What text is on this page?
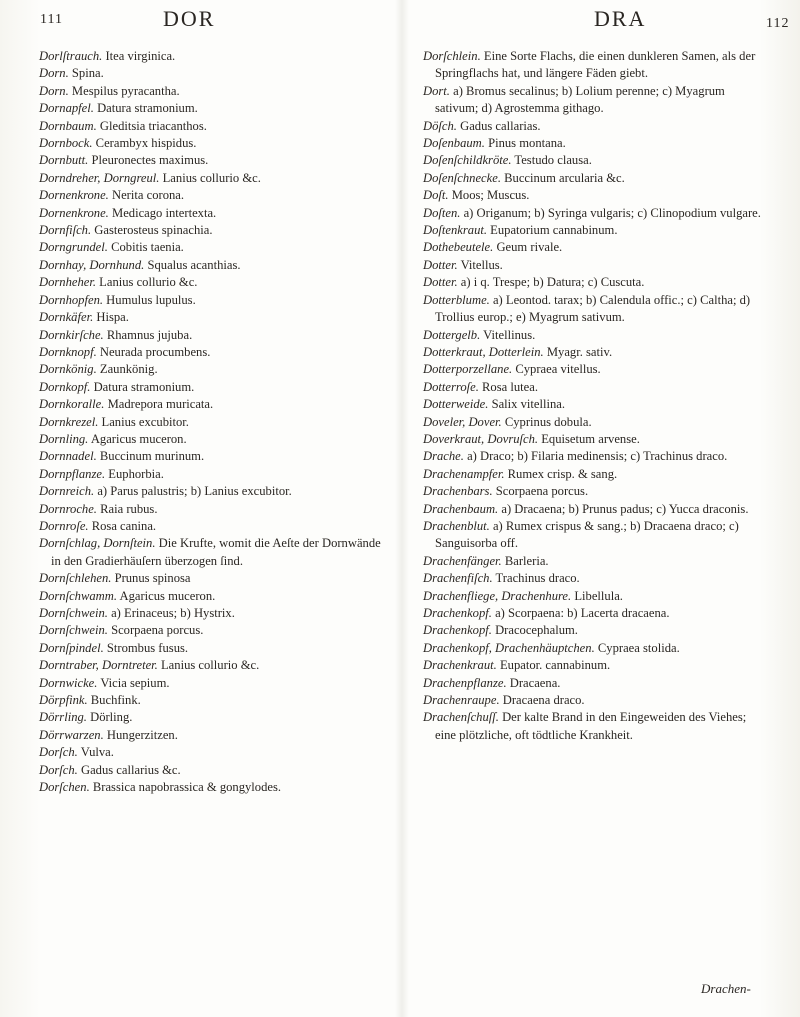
111	DOR	DRA	112

Dorlſtrauch. Itea virginica.

Dorn. Spina.

Dorn. Mespilus pyracantha.

Dornapfel. Datura stramonium.

Dornbaum. Gleditsia triacanthos.

Dornbock. Cerambyx hispidus.

Dornbutt. Pleuronectes maximus.

Dorndreher, Dorngreul. Lanius collurio &c.

Dornenkrone. Nerita corona.

Dornenkrone. Medicago intertexta.

Dornfiſch. Gasterosteus spinachia.

Dorngrundel. Cobitis taenia.

Dornhay, Dornhund. Squalus acanthias.

Dornheher. Lanius collurio &c.

Dornhopfen. Humulus lupulus.

Dornkäfer. Hispa.

Dornkirſche. Rhamnus jujuba.

Dornknopf. Neurada procumbens.

Dornkönig. Zaunkönig.

Dornkopf. Datura stramonium.

Dornkoralle. Madrepora muricata.

Dornkrezel. Lanius excubitor.

Dornling. Agaricus muceron.

Dornnadel. Buccinum murinum.

Dornpflanze. Euphorbia.

Dornreich. a) Parus palustris; b) Lanius excubitor.

Dornroche. Raia rubus.

Dornroſe. Rosa canina.

Dornſchlag, Dornſtein. Die Krufte, womit die Aeſte der Dornwände in den Gradierhäuſern überzogen ſind.

Dornſchlehen. Prunus spinosa

Dornſchwamm. Agaricus muceron.

Dornſchwein. a) Erinaceus; b) Hystrix.

Dornſchwein. Scorpaena porcus.

Dornſpindel. Strombus fusus.

Dorntraber, Dorntreter. Lanius collurio &c.

Dornwicke. Vicia sepium.

Dörpfink. Buchfink.

Dörrling. Dörling.

Dörrwarzen. Hungerzitzen.

Dorſch. Vulva.

Dorſch. Gadus callarius &c.

Dorſchen. Brassica napobrassica & gongylodes.

Dorſchlein. Eine Sorte Flachs, die einen dunkleren Samen, als der Springflachs hat, und längere Fäden giebt.

Dort. a) Bromus secalinus; b) Lolium perenne; c) Myagrum sativum; d) Agrostemma githago.

Döſch. Gadus callarias.

Doſenbaum. Pinus montana.

Doſenſchildkröte. Testudo clausa.

Doſenſchnecke. Buccinum arcularia &c.

Doſt. Moos; Muscus.

Doſten. a) Origanum; b) Syringa vulgaris; c) Clinopodium vulgare.

Doſtenkraut. Eupatorium cannabinum.

Dothebeutele. Geum rivale.

Dotter. Vitellus.

Dotter. a) i q. Trespe; b) Datura; c) Cuscuta.

Dotterblume. a) Leontod. tarax; b) Calendula offic.; c) Caltha; d) Trollius europ.; e) Myagrum sativum.

Dottergelb. Vitellinus.

Dotterkraut, Dotterlein. Myagr. sativ.

Dotterporzellane. Cypraea vitellus.

Dotterroſe. Rosa lutea.

Dotterweide. Salix vitellina.

Doveler, Dover. Cyprinus dobula.

Doverkraut, Dovruſch. Equisetum arvense.

Drache. a) Draco; b) Filaria medinensis; c) Trachinus draco.

Drachenampfer. Rumex crisp. & sang.

Drachenbars. Scorpaena porcus.

Drachenbaum. a) Dracaena; b) Prunus padus; c) Yucca draconis.

Drachenblut. a) Rumex crispus & sang.; b) Dracaena draco; c) Sanguisorba off.

Drachenfänger. Barleria.

Drachenfiſch. Trachinus draco.

Drachenfliege, Drachenhure. Libellula.

Drachenkopf. a) Scorpaena: b) Lacerta dracaena.

Drachenkopf. Dracocephalum.

Drachenkopf, Drachenhäuptchen. Cypraea stolida.

Drachenkraut. Eupator. cannabinum.

Drachenpflanze. Dracaena.

Drachenraupe. Dracaena draco.

Drachenſchuſſ. Der kalte Brand in den Eingeweiden des Viehes; eine plötzliche, oft tödtliche Krankheit.

Drachen-
